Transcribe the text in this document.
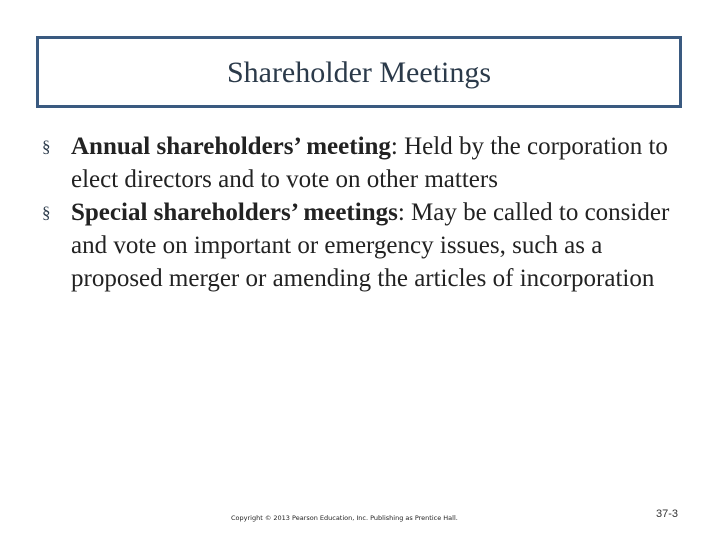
Shareholder Meetings
§ Annual shareholders’ meeting: Held by the corporation to elect directors and to vote on other matters
§ Special shareholders’ meetings: May be called to consider and vote on important or emergency issues, such as a proposed merger or amending the articles of incorporation
Copyright © 2013 Pearson Education, Inc. Publishing as Prentice Hall.	37-3
